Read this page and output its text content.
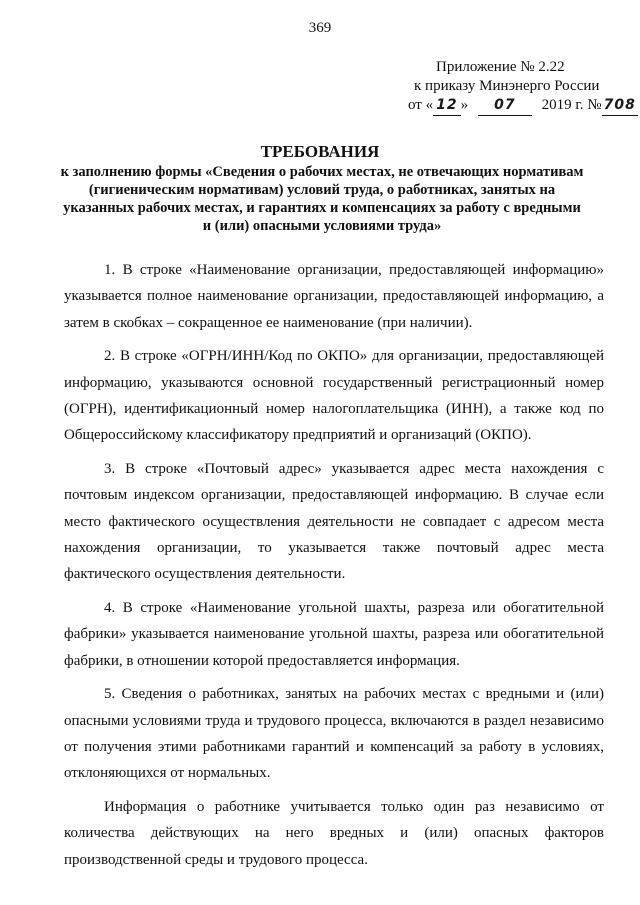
369
Приложение № 2.22
к приказу Минэнерго России
от « 12 » 07 2019 г. № 708
ТРЕБОВАНИЯ
к заполнению формы «Сведения о рабочих местах, не отвечающих нормативам (гигиеническим нормативам) условий труда, о работниках, занятых на указанных рабочих местах, и гарантиях и компенсациях за работу с вредными и (или) опасными условиями труда»

1. В строке «Наименование организации, предоставляющей информацию» указывается полное наименование организации, предоставляющей информацию, а затем в скобках – сокращенное ее наименование (при наличии).

2. В строке «ОГРН/ИНН/Код по ОКПО» для организации, предоставляющей информацию, указываются основной государственный регистрационный номер (ОГРН), идентификационный номер налогоплательщика (ИНН), а также код по Общероссийскому классификатору предприятий и организаций (ОКПО).

3. В строке «Почтовый адрес» указывается адрес места нахождения с почтовым индексом организации, предоставляющей информацию. В случае если место фактического осуществления деятельности не совпадает с адресом места нахождения организации, то указывается также почтовый адрес места фактического осуществления деятельности.

4. В строке «Наименование угольной шахты, разреза или обогатительной фабрики» указывается наименование угольной шахты, разреза или обогатительной фабрики, в отношении которой предоставляется информация.

5. Сведения о работниках, занятых на рабочих местах с вредными и (или) опасными условиями труда и трудового процесса, включаются в раздел независимо от получения этими работниками гарантий и компенсаций за работу в условиях, отклоняющихся от нормальных.

Информация о работнике учитывается только один раз независимо от количества действующих на него вредных и (или) опасных факторов производственной среды и трудового процесса.
